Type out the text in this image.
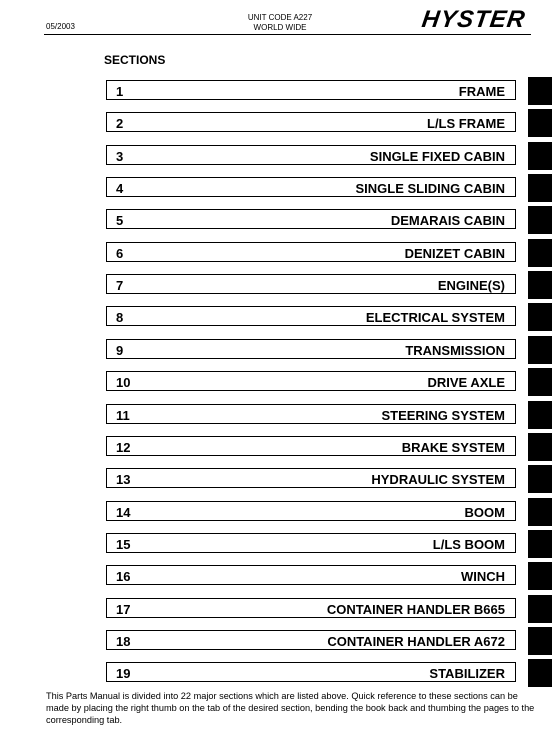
05/2003
UNIT CODE A227
WORLD WIDE	HYSTER
SECTIONS
1	FRAME
2	L/LS FRAME
3	SINGLE FIXED CABIN
4	SINGLE SLIDING CABIN
5	DEMARAIS CABIN
6	DENIZET CABIN
7	ENGINE(S)
8	ELECTRICAL SYSTEM
9	TRANSMISSION
10	DRIVE AXLE
11	STEERING SYSTEM
12	BRAKE SYSTEM
13	HYDRAULIC SYSTEM
14	BOOM
15	L/LS BOOM
16	WINCH
17	CONTAINER HANDLER B665
18	CONTAINER HANDLER A672
19	STABILIZER
This Parts Manual is divided into 22 major sections which are listed above. Quick reference to these sections can be made by placing the right thumb on the tab of the desired section, bending the book back and thumbing the pages to the corresponding tab.
